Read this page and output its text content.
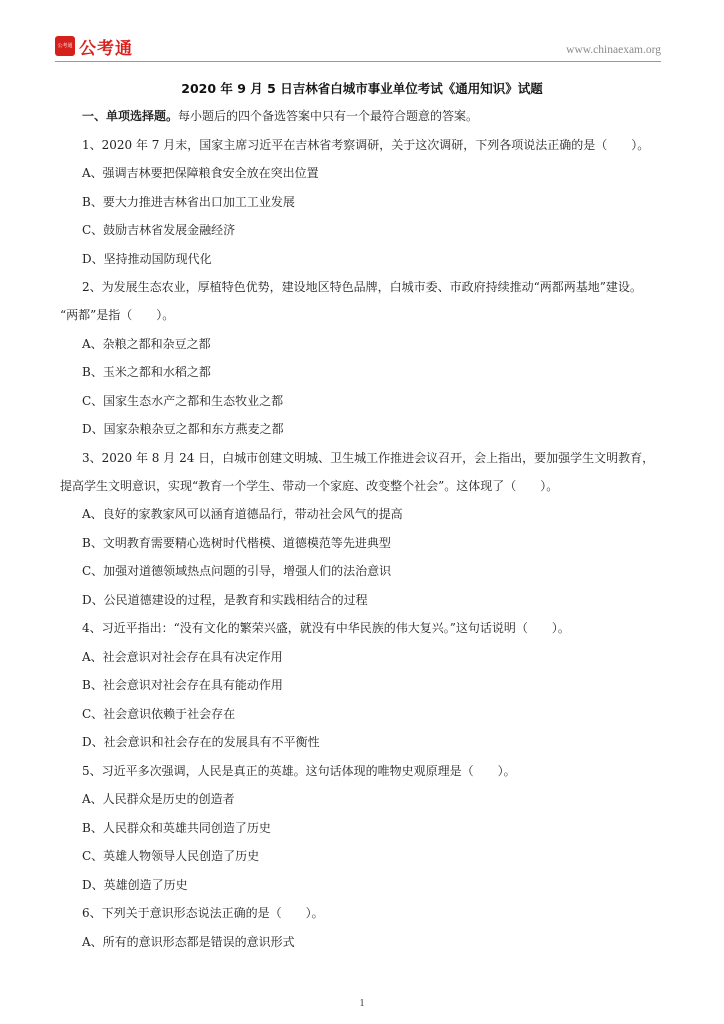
公考通 公考通	www.chinaexam.org
2020 年 9 月 5 日吉林省白城市事业单位考试《通用知识》试题
一、单项选择题。每小题后的四个备选答案中只有一个最符合题意的答案。
1、2020 年 7 月末，国家主席习近平在吉林省考察调研，关于这次调研，下列各项说法正确的是（　　）。
A、强调吉林要把保障粮食安全放在突出位置
B、要大力推进吉林省出口加工工业发展
C、鼓励吉林省发展金融经济
D、坚持推动国防现代化
2、为发展生态农业，厚植特色优势，建设地区特色品牌，白城市委、市政府持续推动“两都两基地”建设。
“两都”是指（　　）。
A、杂粮之都和杂豆之都
B、玉米之都和水稻之都
C、国家生态水产之都和生态牧业之都
D、国家杂粮杂豆之都和东方燕麦之都
3、2020 年 8 月 24 日，白城市创建文明城、卫生城工作推进会议召开，会上指出，要加强学生文明教育，
提高学生文明意识，实现“教育一个学生、带动一个家庭、改变整个社会”。这体现了（　　）。
A、良好的家教家风可以涵育道德品行，带动社会风气的提高
B、文明教育需要精心选树时代楷模、道德模范等先进典型
C、加强对道德领域热点问题的引导，增强人们的法治意识
D、公民道德建设的过程，是教育和实践相结合的过程
4、习近平指出：“没有文化的繁荣兴盛，就没有中华民族的伟大复兴。”这句话说明（　　）。
A、社会意识对社会存在具有决定作用
B、社会意识对社会存在具有能动作用
C、社会意识依赖于社会存在
D、社会意识和社会存在的发展具有不平衡性
5、习近平多次强调，人民是真正的英雄。这句话体现的唯物史观原理是（　　）。
A、人民群众是历史的创造者
B、人民群众和英雄共同创造了历史
C、英雄人物领导人民创造了历史
D、英雄创造了历史
6、下列关于意识形态说法正确的是（　　）。
A、所有的意识形态都是错误的意识形式
1
